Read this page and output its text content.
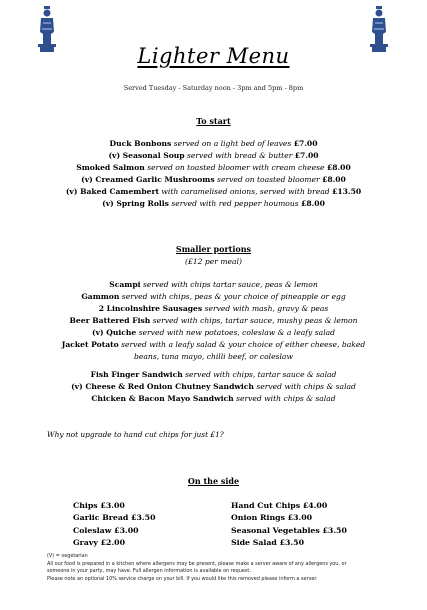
Lighter Menu
Served Tuesday - Saturday noon - 3pm and 5pm - 8pm
To start
Duck Bonbons served on a light bed of leaves £7.00
(v) Seasonal Soup served with bread & butter £7.00
Smoked Salmon served on toasted bloomer with cream cheese £8.00
(v) Creamed Garlic Mushrooms served on toasted bloomer £8.00
(v) Baked Camembert with caramelised onions, served with bread £13.50
(v) Spring Rolls served with red pepper houmous £8.00
Smaller portions
(£12 per meal)
Scampi served with chips tartar sauce, peas & lemon
Gammon served with chips, peas & your choice of pineapple or egg
2 Lincolnshire Sausages served with mash, gravy & peas
Beer Battered Fish served with chips, tartar sauce, mushy peas & lemon
(v) Quiche served with new potatoes, coleslaw & a leafy salad
Jacket Potato served with a leafy salad & your choice of either cheese, baked
beans, tuna mayo, chilli beef, or coleslaw
Fish Finger Sandwich served with chips, tartar sauce & salad
(v) Cheese & Red Onion Chutney Sandwich served with chips & salad
Chicken & Bacon Mayo Sandwich served with chips & salad
Why not upgrade to hand cut chips for just £1?
On the side
Chips £3.00
Garlic Bread £3.50
Coleslaw £3.00
Gravy £2.00
Hand Cut Chips £4.00
Onion Rings £3.00
Seasonal Vegetables £3.50
Side Salad £3.50
(V) = vegetarian
All our food is prepared in a kitchen where allergens may be present, please make a server aware of any allergens you, or
someone in your party, may have. Full allergen information is available on request.
Please note an optional 10% service charge on your bill. If you would like this removed please inform a server.
